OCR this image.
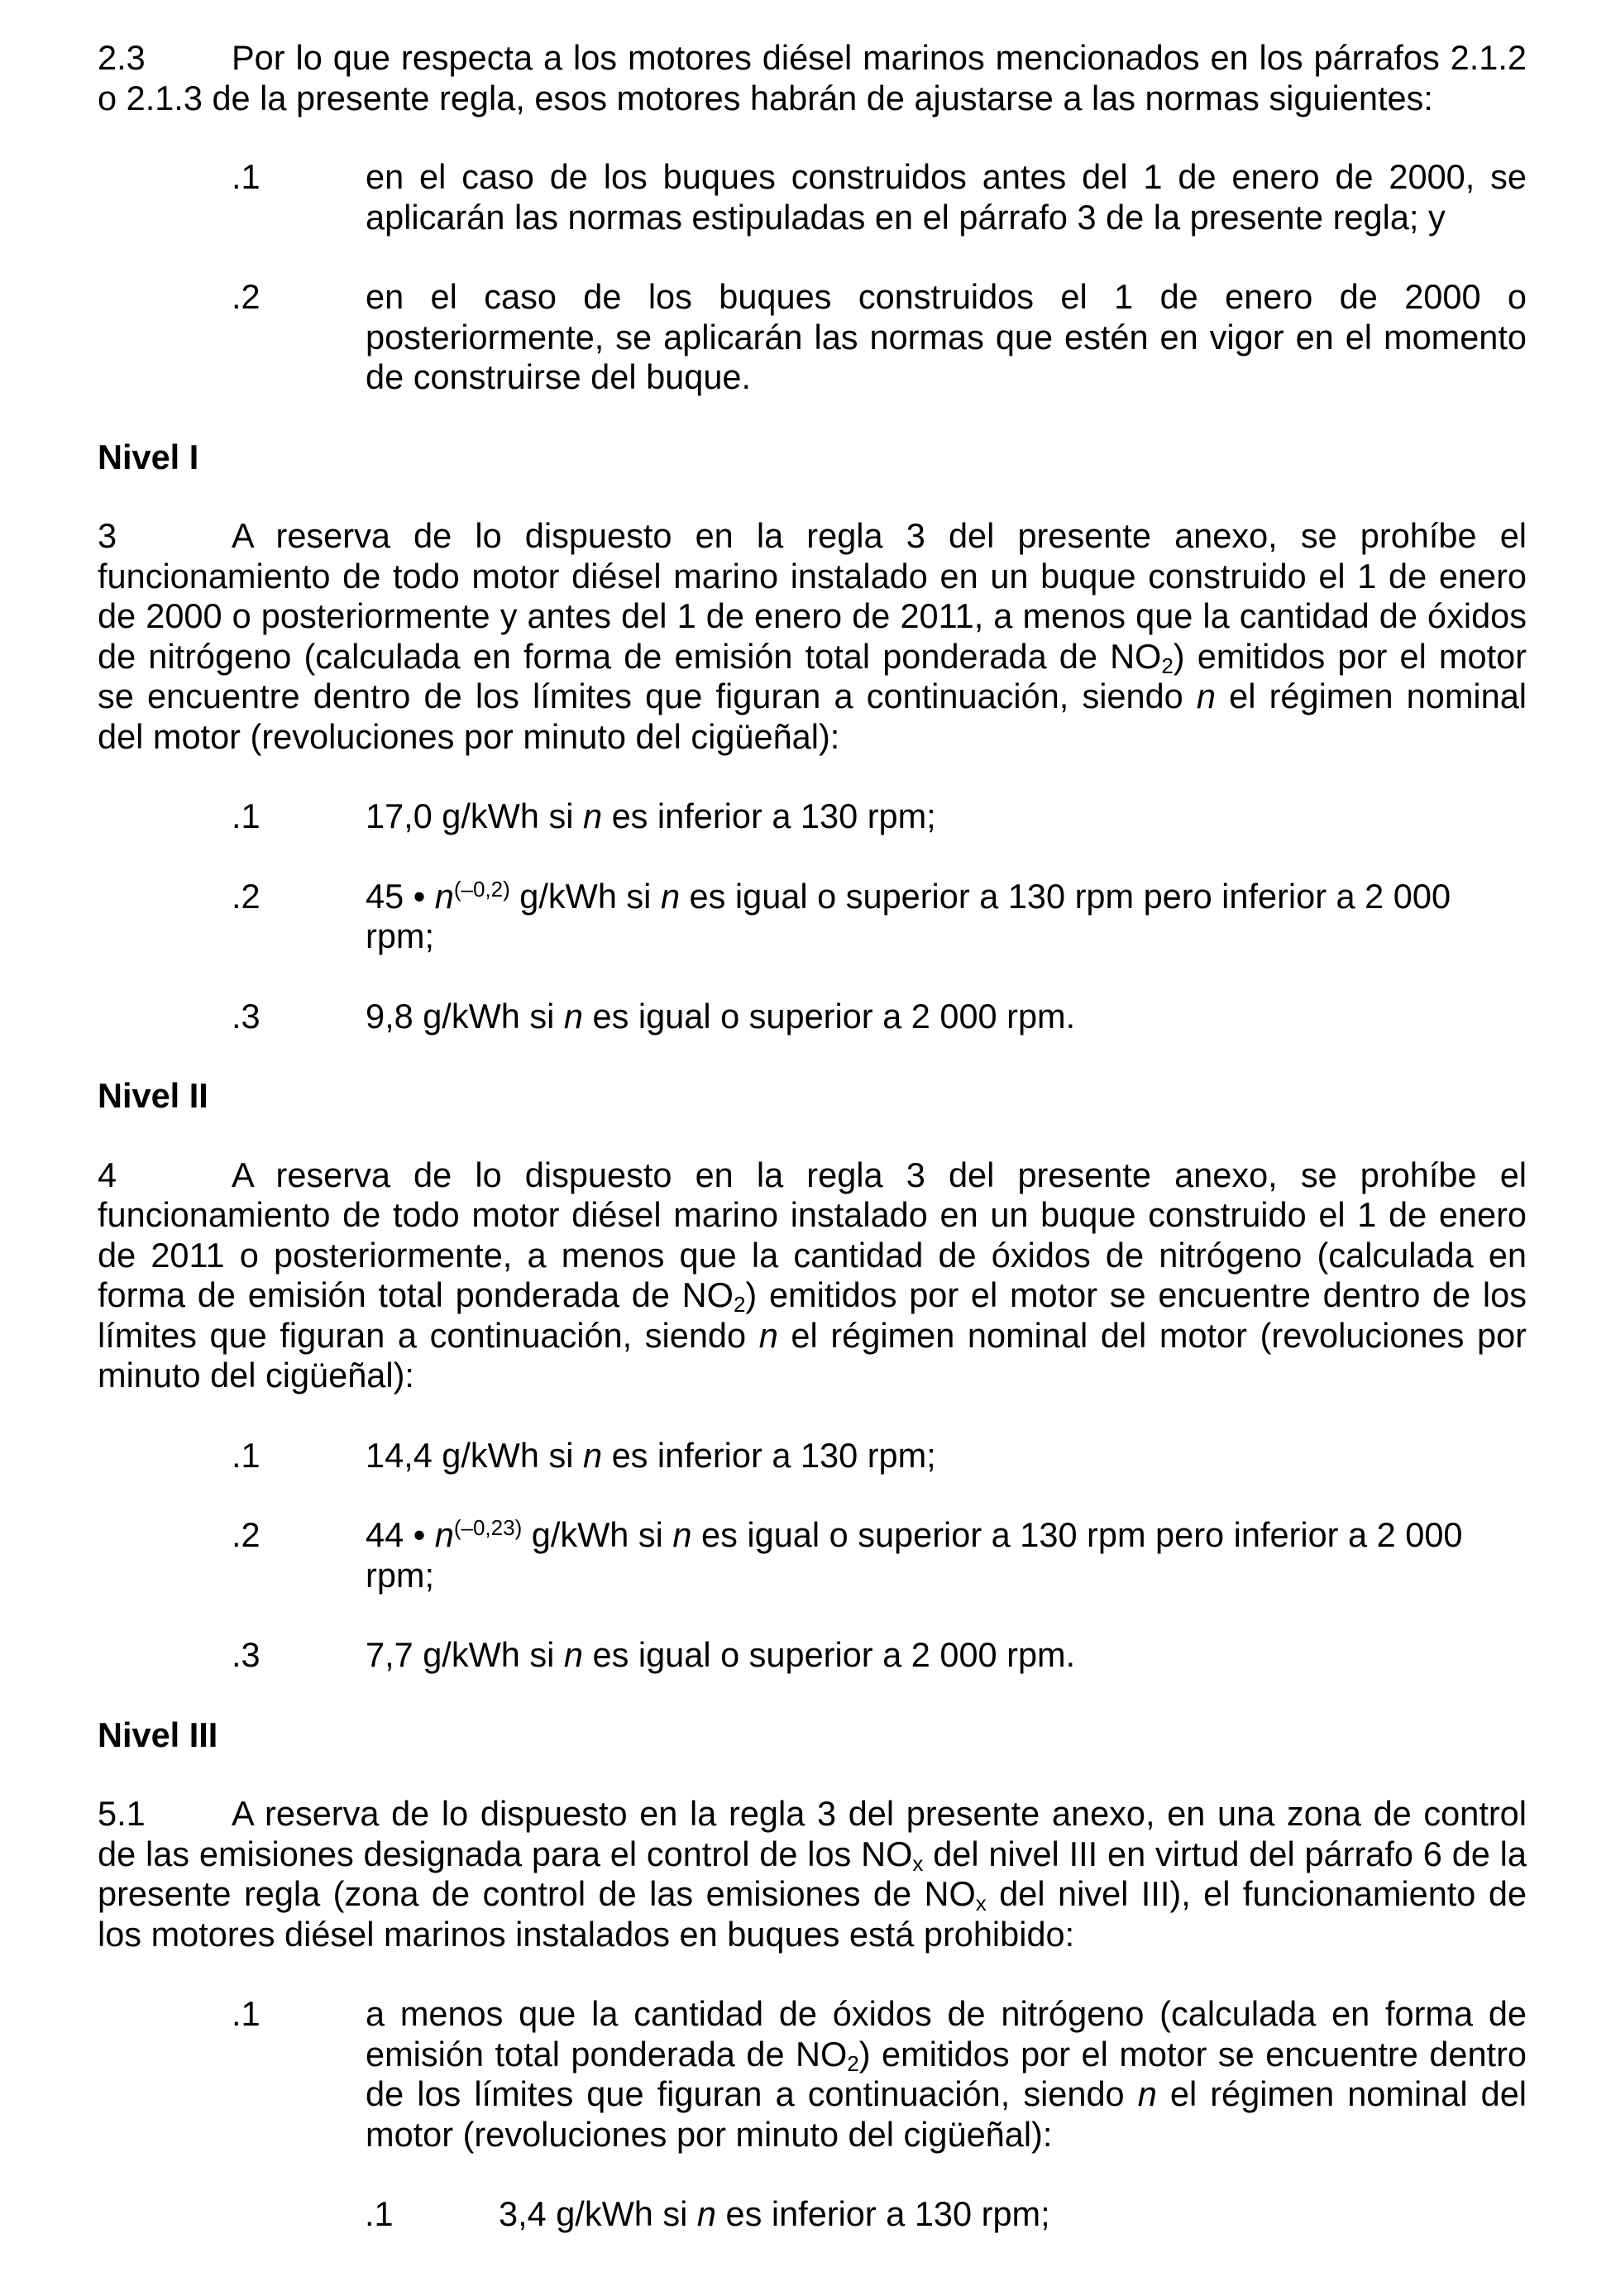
2.3	Por lo que respecta a los motores diésel marinos mencionados en los párrafos 2.1.2 o 2.1.3 de la presente regla, esos motores habrán de ajustarse a las normas siguientes:

.1	en el caso de los buques construidos antes del 1 de enero de 2000, se aplicarán las normas estipuladas en el párrafo 3 de la presente regla; y
.2	en el caso de los buques construidos el 1 de enero de 2000 o posteriormente, se aplicarán las normas que estén en vigor en el momento de construirse del buque.

Nivel I

3	A reserva de lo dispuesto en la regla 3 del presente anexo, se prohíbe el funcionamiento de todo motor diésel marino instalado en un buque construido el 1 de enero de 2000 o posteriormente y antes del 1 de enero de 2011, a menos que la cantidad de óxidos de nitrógeno (calculada en forma de emisión total ponderada de $NO_2$) emitidos por el motor se encuentre dentro de los límites que figuran a continuación, siendo n el régimen nominal del motor (revoluciones por minuto del cigüeñal):

.1	17,0 g/kWh si n es inferior a 130 rpm;
.2	45 • $n^{(-0,2)}$ g/kWh si n es igual o superior a 130 rpm pero inferior a 2 000 rpm;
.3	9,8 g/kWh si n es igual o superior a 2 000 rpm.

Nivel II

4	A reserva de lo dispuesto en la regla 3 del presente anexo, se prohíbe el funcionamiento de todo motor diésel marino instalado en un buque construido el 1 de enero de 2011 o posteriormente, a menos que la cantidad de óxidos de nitrógeno (calculada en forma de emisión total ponderada de $NO_2$) emitidos por el motor se encuentre dentro de los límites que figuran a continuación, siendo n el régimen nominal del motor (revoluciones por minuto del cigüeñal):

.1	14,4 g/kWh si n es inferior a 130 rpm;
.2	44 • $n^{(-0,23)}$ g/kWh si n es igual o superior a 130 rpm pero inferior a 2 000 rpm;
.3	7,7 g/kWh si n es igual o superior a 2 000 rpm.

Nivel III

5.1	A reserva de lo dispuesto en la regla 3 del presente anexo, en una zona de control de las emisiones designada para el control de los $NO_x$ del nivel III en virtud del párrafo 6 de la presente regla (zona de control de las emisiones de $NO_x$ del nivel III), el funcionamiento de los motores diésel marinos instalados en buques está prohibido:

.1	a menos que la cantidad de óxidos de nitrógeno (calculada en forma de emisión total ponderada de $NO_2$) emitidos por el motor se encuentre dentro de los límites que figuran a continuación, siendo n el régimen nominal del motor (revoluciones por minuto del cigüeñal):
.1	3,4 g/kWh si n es inferior a 130 rpm;
